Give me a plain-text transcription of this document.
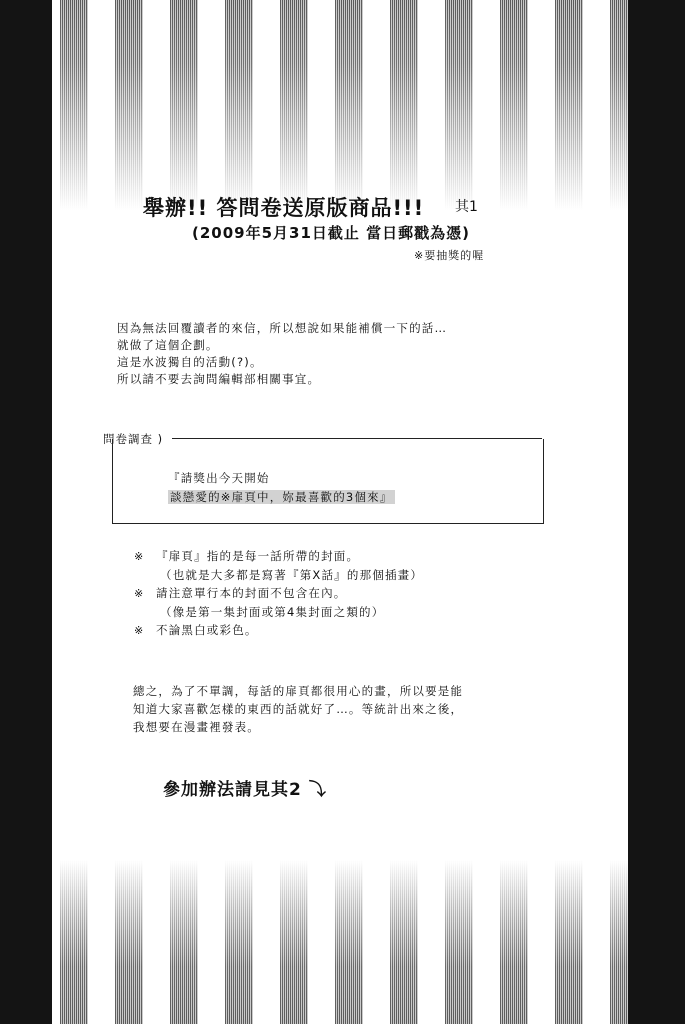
舉辦!! 答問卷送原版商品!!! 其1
(2009年5月31日截止 當日郵戳為憑)
※要抽獎的喔
因為無法回覆讀者的來信，所以想說如果能補償一下的話…
就做了這個企劃。
這是水波獨自的活動(?)。
所以請不要去詢問編輯部相關事宜。
問卷調查 )
『請獎出今天開始
談戀愛的※扉頁中，妳最喜歡的3個來』
※ 『扉頁』指的是每一話所帶的封面。
（也就是大多都是寫著『第X話』的那個插畫）
※ 請注意單行本的封面不包含在內。
（像是第一集封面或第4集封面之類的）
※ 不論黑白或彩色。
總之，為了不單調，每話的扉頁都很用心的畫，所以要是能
知道大家喜歡怎樣的東西的話就好了…。等統計出來之後，
我想要在漫畫裡發表。
參加辦法請見其2 ⤵
